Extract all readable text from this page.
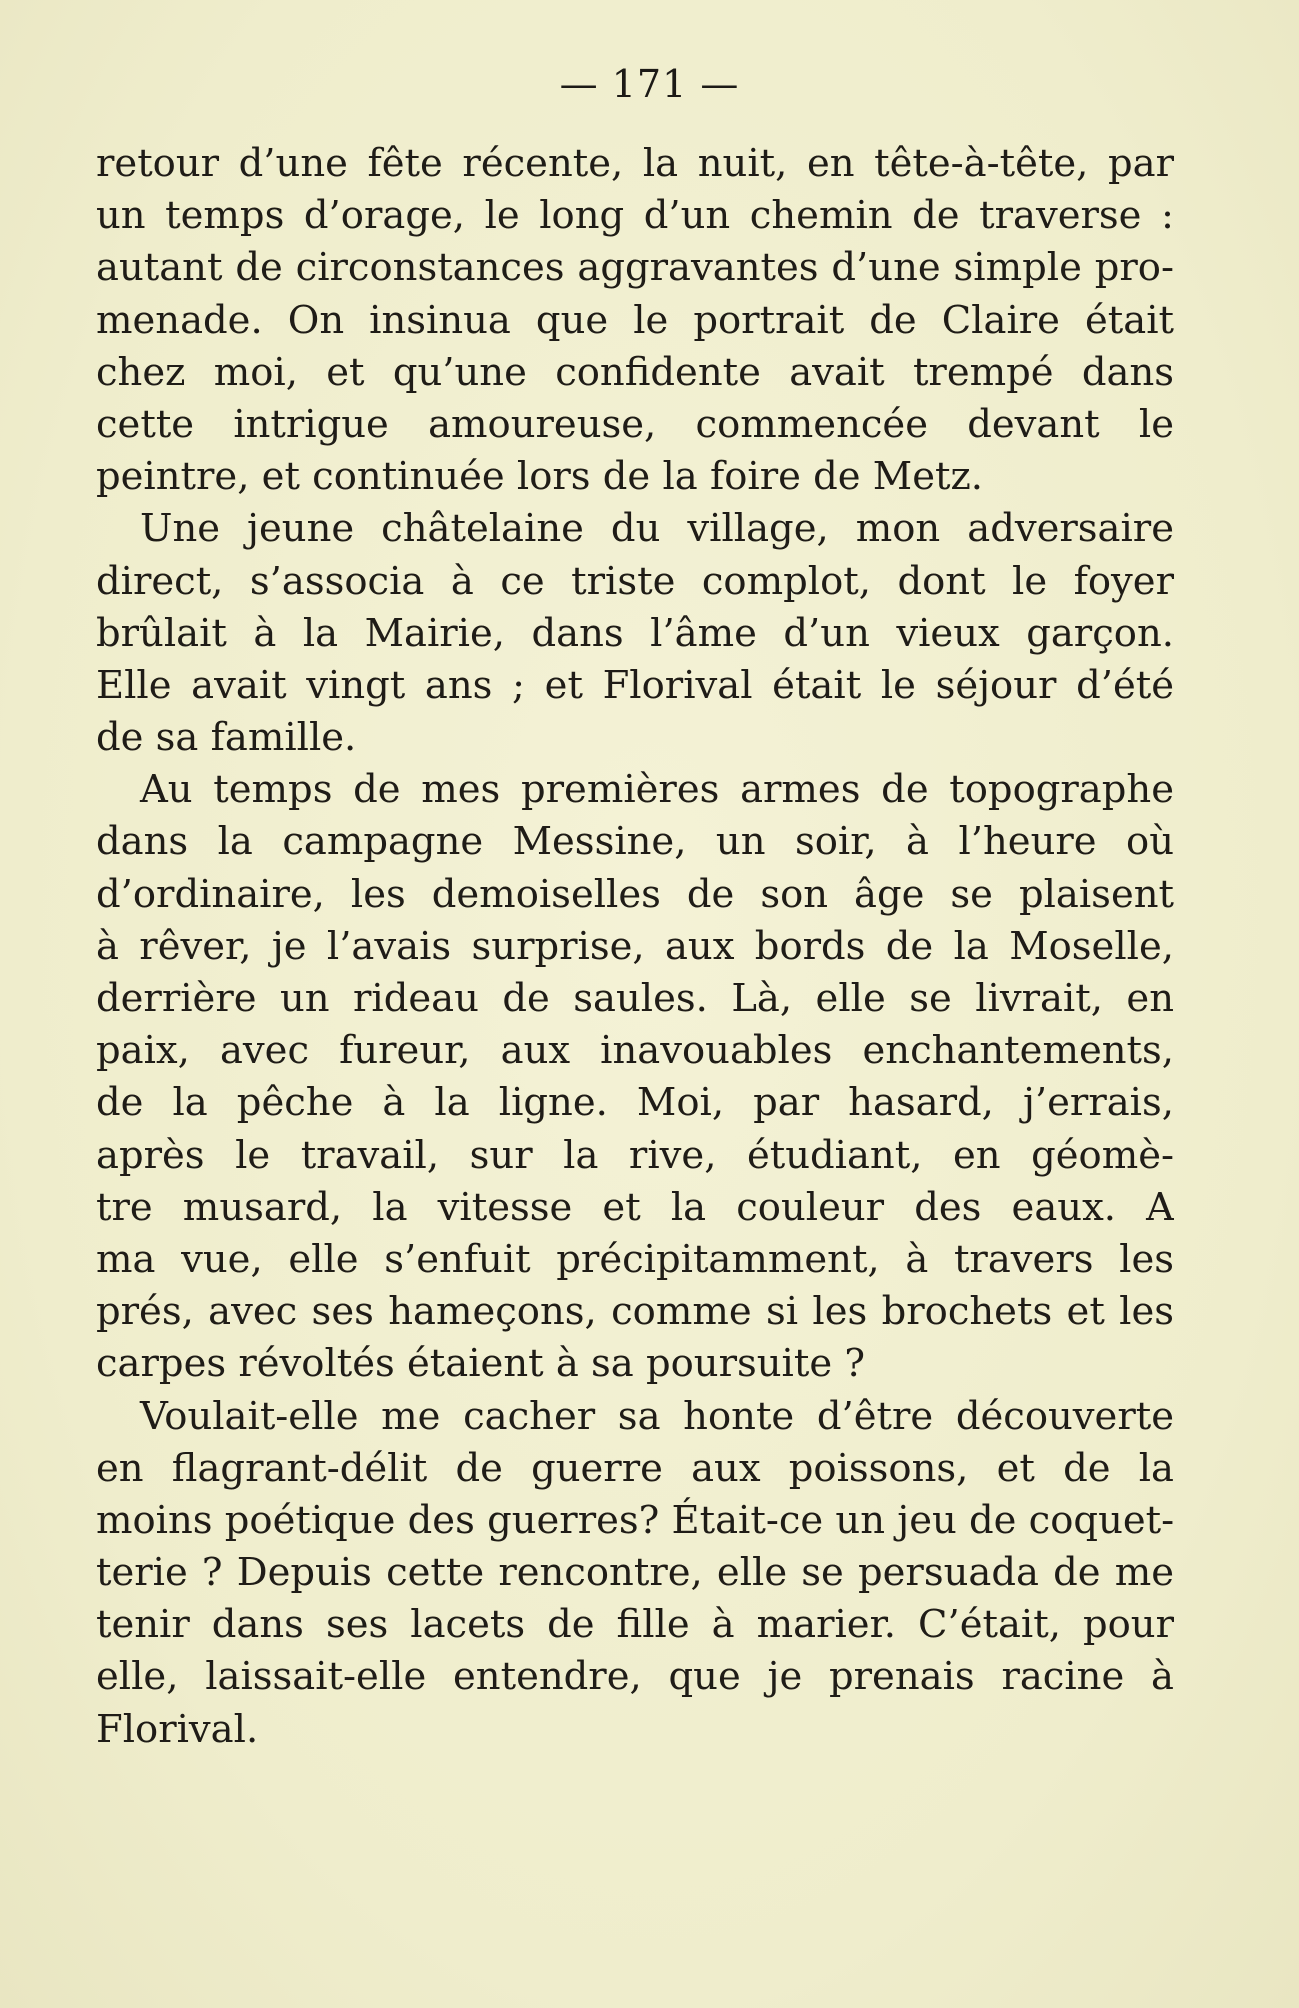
— 171 —
retour d’une fête récente, la nuit, en tête-à-tête, par
un temps d’orage, le long d’un chemin de traverse :
autant de circonstances aggravantes d’une simple pro-
menade. On insinua que le portrait de Claire était
chez moi, et qu’une confidente avait trempé dans
cette intrigue amoureuse, commencée devant le
peintre, et continuée lors de la foire de Metz.
Une jeune châtelaine du village, mon adversaire
direct, s’associa à ce triste complot, dont le foyer
brûlait à la Mairie, dans l’âme d’un vieux garçon.
Elle avait vingt ans ; et Florival était le séjour d’été
de sa famille.
Au temps de mes premières armes de topographe
dans la campagne Messine, un soir, à l’heure où
d’ordinaire, les demoiselles de son âge se plaisent
à rêver, je l’avais surprise, aux bords de la Moselle,
derrière un rideau de saules. Là, elle se livrait, en
paix, avec fureur, aux inavouables enchantements,
de la pêche à la ligne. Moi, par hasard, j’errais,
après le travail, sur la rive, étudiant, en géomè-
tre musard, la vitesse et la couleur des eaux. A
ma vue, elle s’enfuit précipitamment, à travers les
prés, avec ses hameçons, comme si les brochets et les
carpes révoltés étaient à sa poursuite ?
Voulait-elle me cacher sa honte d’être découverte
en flagrant-délit de guerre aux poissons, et de la
moins poétique des guerres? Était-ce un jeu de coquet-
terie ? Depuis cette rencontre, elle se persuada de me
tenir dans ses lacets de fille à marier. C’était, pour
elle, laissait-elle entendre, que je prenais racine à
Florival.
